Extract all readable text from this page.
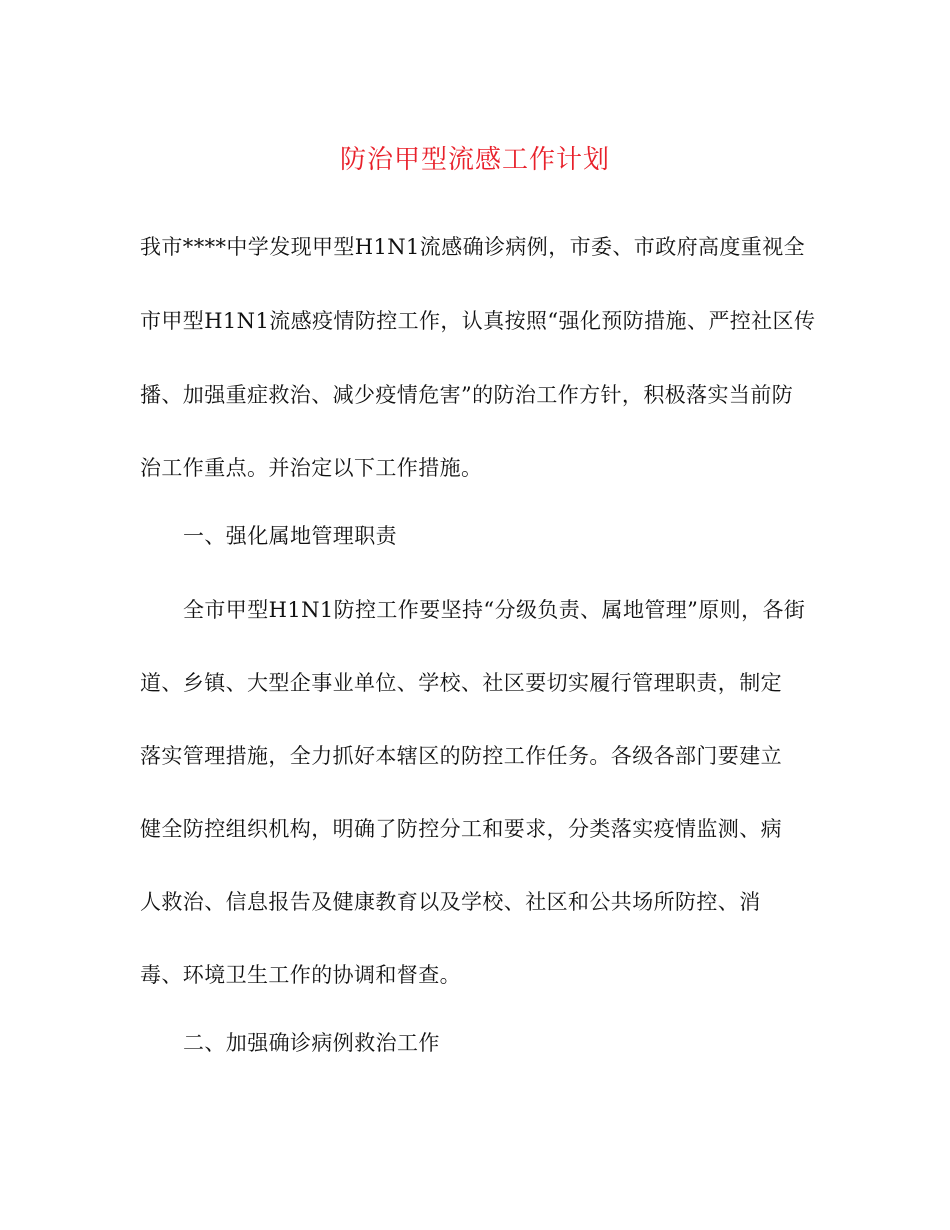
防治甲型流感工作计划
我市****中学发现甲型H1N1流感确诊病例，市委、市政府高度重视全
市甲型H1N1流感疫情防控工作，认真按照“强化预防措施、严控社区传
播、加强重症救治、减少疫情危害”的防治工作方针，积极落实当前防
治工作重点。并治定以下工作措施。
一、强化属地管理职责
全市甲型H1N1防控工作要坚持“分级负责、属地管理”原则，各街
道、乡镇、大型企事业单位、学校、社区要切实履行管理职责，制定
落实管理措施，全力抓好本辖区的防控工作任务。各级各部门要建立
健全防控组织机构，明确了防控分工和要求，分类落实疫情监测、病
人救治、信息报告及健康教育以及学校、社区和公共场所防控、消
毒、环境卫生工作的协调和督查。
二、加强确诊病例救治工作
